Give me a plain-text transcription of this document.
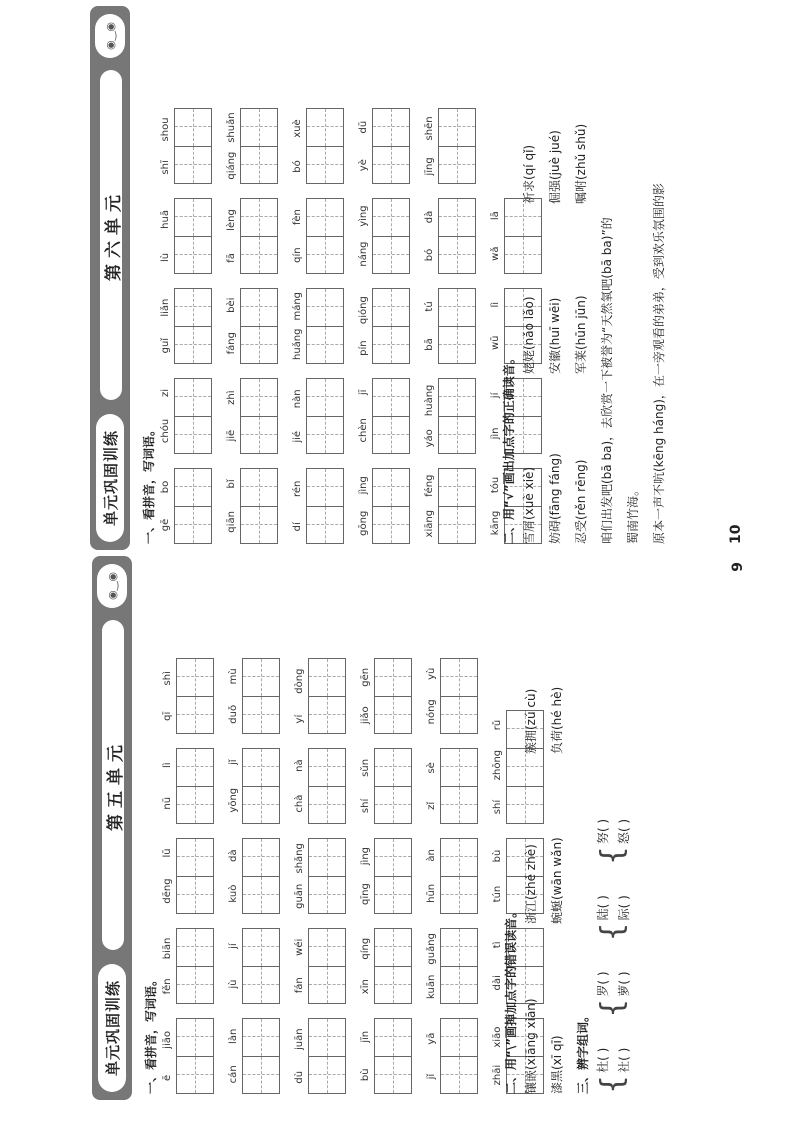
单
元
巩
固
训
练
第五单元
◉‿◉
一、看拼音，写词语。 ē
jiāo
fěn
biān
dēng
lū
nū
lì
qī
shì
cán
làn
jù
jí
kuò
dà
yōng
jǐ
duǒ
mù
dù
juān
fán
wéi
guān
shǎng
chà
nà
yí
dòng
bù
jīn
xīn
qíng
qīng
jìng
shí
sǔn
jiǎo
gēn
jǐ
yā
kuān
guǎng
hūn
àn
zǐ
sè
nóng
yù
zhāi
xiāo
dài
tì
tún
bù
shí
zhōng
rǔ
二、用“\”画掉加点字的错误读音。 镶嵌(xiāng xiān)
浙江(zhé zhè)
簇拥(zú cù)
漆黑(xī qī)
蜿蜒(wān wǎn)
负荷(hé hè)
三、辨字组词。 {
杜( ) 社( )
{
罗( ) 萝( )
{
陆( ) 际( )
{
努( ) 怒( )
9
单
元
巩
固
训
练
第六单元
◉‿◉
一、看拼音，写词语。 gē
bo
chóu
zi
guǐ
liǎn
lù
huā
shī
shou
qiān
bǐ
jiē
zhì
fáng
bèi
fā
lèng
qiáng
shuǎn
dí
rén
jié
nàn
huǎng
máng
qín
fèn
bó
xuè
gōng
jìng
chèn
jī
pín
qióng
náng
yìng
yè
dū
xiāng
féng
yáo
huàng
bā
tú
bó
dà
jīng
shēn
kāng
tóu
jìn
jí
wū
lì
wǎ
lā
二、用“√”画出加点字的正确读音。 雪屑(xuè xiè)
姥姥(nǎo lǎo)
祈求(qí qǐ)
妨碍(fāng fáng)
安徽(huī wēi)
倔强(juè jué)
忍受(rěn rēng)
军莱(hūn jūn)
嘱咐(zhǔ shǔ)
咱们出发吧(bā ba)，去欣赏一下被誉为“天然氧吧(bā ba)”的 蜀南竹海。 原本一声不吭(kēng háng)，在一旁观看的弟弟，受到欢乐氛围的影	10
